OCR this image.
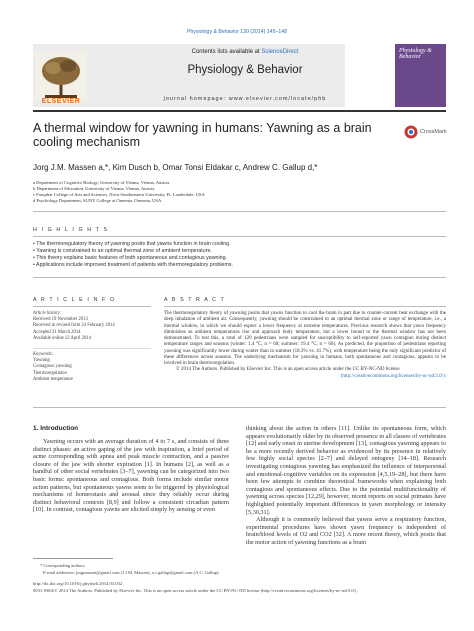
Physiology & Behavior 130 (2014) 145–148
Contents lists available at ScienceDirect
Physiology & Behavior
journal homepage: www.elsevier.com/locate/phb
ELSEVIER
Physiology & Behavior
A thermal window for yawning in humans: Yawning as a brain cooling mechanism
CrossMark
Jorg J.M. Massen a,*, Kim Dusch b, Omar Tonsi Eldakar c, Andrew C. Gallup d,*
a Department of Cognitive Biology, University of Vienna, Vienna, Austria
b Department of Education, University of Vienna, Vienna, Austria
c Farquhar College of Arts and Sciences, Nova Southeastern University, Ft. Lauderdale, USA
d Psychology Department, SUNY College at Oneonta, Oneonta, USA
H I G H L I G H T S
• The thermoregulatory theory of yawning posits that yawns function in brain cooling.
• Yawning is constrained to an optimal thermal zone of ambient temperature.
• This theory explains basic features of both spontaneous and contagious yawning.
• Applications include improved treatment of patients with thermoregulatory problems.
A R T I C L E I N F O
Article history:
Received 19 November 2013
Received in revised form 24 February 2014
Accepted 31 March 2014
Available online 12 April 2014
Keywords:
Yawning
Contagious yawning
Thermoregulation
Ambient temperature
A B S T R A C T
The thermoregulatory theory of yawning posits that yawns function to cool the brain in part due to counter-current heat exchange with the deep inhalation of ambient air. Consequently, yawning should be constrained to an optimal thermal zone or range of temperature, i.e., a thermal window, in which we should expect a lower frequency at extreme temperatures. Previous research shows that yawn frequency diminishes as ambient temperatures rise and approach body temperature, but a lower bound to the thermal window has not been demonstrated. To test this, a total of 120 pedestrians were sampled for susceptibility to self-reported yawn contagion during distinct temperature ranges and seasons (winter: 1.4 °C, n = 60; summer: 19.4 °C, n = 60). As predicted, the proportion of pedestrians reporting yawning was significantly lower during winter than in summer (18.3% vs. 41.7%), with temperature being the only significant predictor of these differences across seasons. The underlying mechanism for yawning in humans, both spontaneous and contagious, appears to be involved in brain thermoregulation.
© 2014 The Authors. Published by Elsevier Inc. This is an open access article under the CC BY-NC-ND license

(http://creativecommons.org/licenses/by-nc-nd/3.0/).
1. Introduction
Yawning occurs with an average duration of 4 to 7 s, and consists of three distinct phases: an active gaping of the jaw with inspiration, a brief period of acme corresponding with apnea and peak muscle contraction, and a passive closure of the jaw with shorter expiration [1]. In humans [2], as well as a handful of other social vertebrates [3–7], yawning can be categorized into two basic forms: spontaneous and contagious. Both forms include similar motor action patterns, but spontaneous yawns seem to be triggered by physiological mechanisms of homeostasis and arousal since they reliably occur during distinct behavioral contexts [8,9] and follow a consistent circadian pattern [10]. In contrast, contagious yawns are elicited simply by sensing or even
thinking about the action in others [11]. Unlike its spontaneous form, which appears evolutionarily older by its observed presence in all classes of vertebrates [12] and early onset in uterine development [13], contagious yawning appears to be a more recently derived behavior as evidenced by its presence in relatively few highly social species [2–7] and delayed ontogeny [14–18]. Research investigating contagious yawning has emphasized the influence of interpersonal and emotional-cognitive variables on its expression [4,5,19–28], but there have been few attempts to combine theoretical frameworks when explaining both contagious and spontaneous effects. Due to the potential multifunctionality of yawning across species [12,29], however, recent reports on social primates have highlighted potentially important differences in yawn morphology or intensity [5,30,31].
Although it is commonly believed that yawns serve a respiratory function, experimental procedures have shown yawn frequency is independent of brain/blood levels of O2 and CO2 [32]. A more recent theory, which posits that the motor action of yawning functions as a brain
* Corresponding authors.
E-mail addresses: jorgmassen@gmail.com (J.J.M. Massen), a.c.gallup@gmail.com (A.C. Gallup).
http://dx.doi.org/10.1016/j.physbeh.2014.03.032
0031-9384/© 2014 The Authors. Published by Elsevier Inc. This is an open access article under the CC BY-NC-ND license (http://creativecommons.org/licenses/by-nc-nd/3.0/).
